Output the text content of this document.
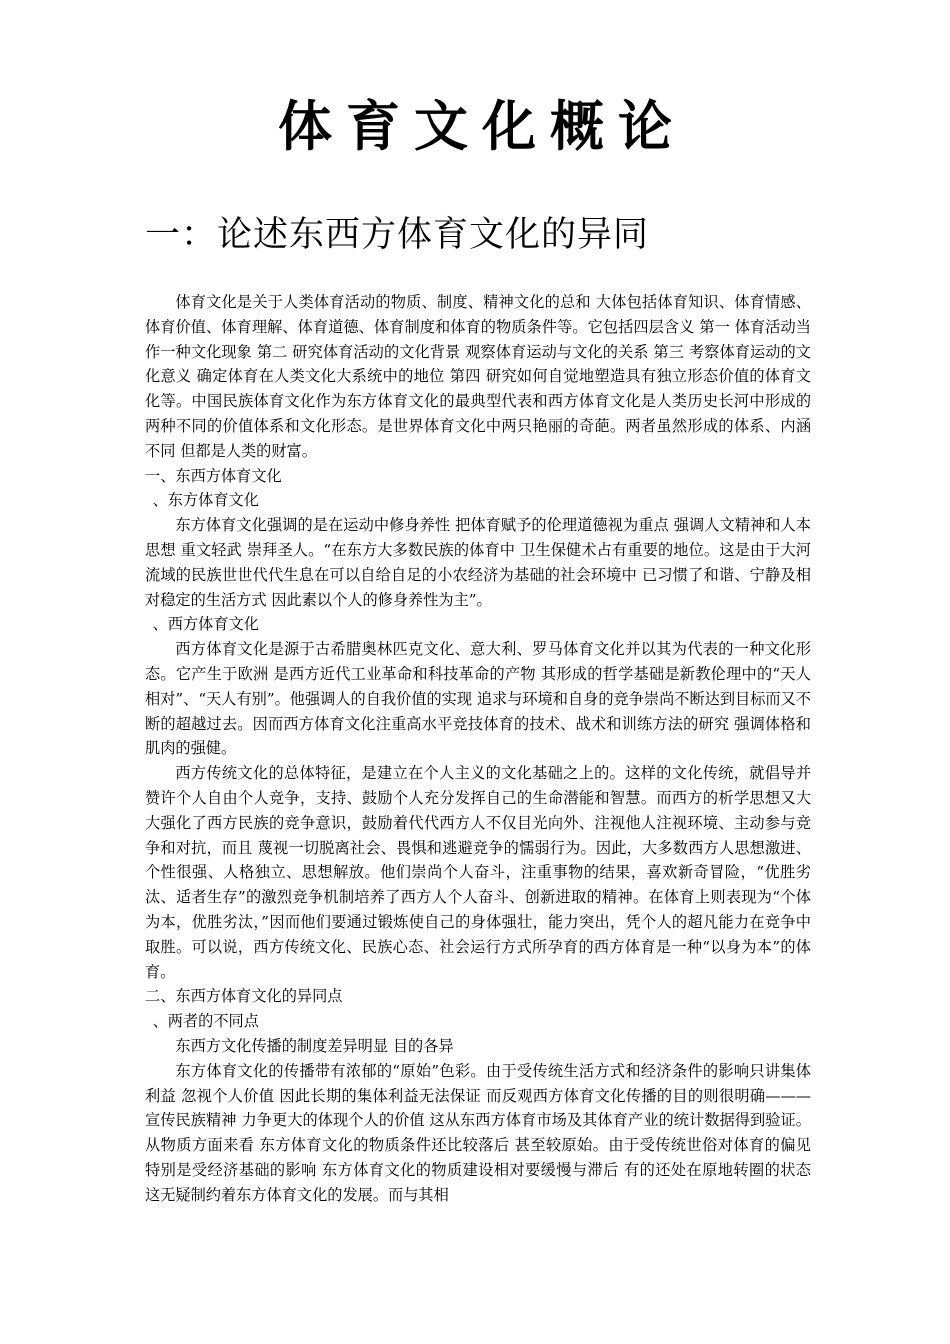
体育文化概论
一：论述东西方体育文化的异同

体育文化是关于人类体育活动的物质、制度、精神文化的总和 大体包括体育知识、体育情感、体育价值、体育理解、体育道德、体育制度和体育的物质条件等。它包括四层含义 第一 体育活动当作一种文化现象 第二 研究体育活动的文化背景 观察体育运动与文化的关系 第三 考察体育运动的文化意义 确定体育在人类文化大系统中的地位 第四 研究如何自觉地塑造具有独立形态价值的体育文化等。中国民族体育文化作为东方体育文化的最典型代表和西方体育文化是人类历史长河中形成的两种不同的价值体系和文化形态。是世界体育文化中两只艳丽的奇葩。两者虽然形成的体系、内涵不同 但都是人类的财富。

一、东西方体育文化

、东方体育文化

东方体育文化强调的是在运动中修身养性 把体育赋予的伦理道德视为重点 强调人文精神和人本思想 重文轻武 崇拜圣人。“在东方大多数民族的体育中 卫生保健术占有重要的地位。这是由于大河流域的民族世世代代生息在可以自给自足的小农经济为基础的社会环境中 已习惯了和谐、宁静及相对稳定的生活方式 因此素以个人的修身养性为主”。

、西方体育文化

西方体育文化是源于古希腊奥林匹克文化、意大利、罗马体育文化并以其为代表的一种文化形态。它产生于欧洲 是西方近代工业革命和科技革命的产物 其形成的哲学基础是新教伦理中的“天人相对”、“天人有别”。他强调人的自我价值的实现 追求与环境和自身的竞争崇尚不断达到目标而又不断的超越过去。因而西方体育文化注重高水平竞技体育的技术、战术和训练方法的研究 强调体格和肌肉的强健。

西方传统文化的总体特征，是建立在个人主义的文化基础之上的。这样的文化传统，就倡导并赞许个人自由个人竞争，支持、鼓励个人充分发挥自己的生命潜能和智慧。而西方的析学思想又大大强化了西方民族的竞争意识，鼓励着代代西方人不仅目光向外、注视他人注视环境、主动参与竞争和对抗，而且 蔑视一切脱离社会、畏惧和逃避竞争的懦弱行为。因此，大多数西方人思想激进、个性很强、人格独立、思想解放。他们崇尚个人奋斗，注重事物的结果，喜欢新奇冒险，“优胜劣汰、适者生存”的激烈竞争机制培养了西方人个人奋斗、创新进取的精神。在体育上则表现为“个体为本，优胜劣汰，”因而他们要通过锻炼使自己的身体强壮，能力突出，凭个人的超凡能力在竞争中取胜。可以说，西方传统文化、民族心态、社会运行方式所孕育的西方体育是一种“以身为本”的体育。

二、东西方体育文化的异同点

、两者的不同点

东西方文化传播的制度差异明显 目的各异

东方体育文化的传播带有浓郁的“原始”色彩。由于受传统生活方式和经济条件的影响只讲集体利益 忽视个人价值 因此长期的集体利益无法保证 而反观西方体育文化传播的目的则很明确———宣传民族精神 力争更大的体现个人的价值 这从东西方体育市场及其体育产业的统计数据得到验证。从物质方面来看 东方体育文化的物质条件还比较落后 甚至较原始。由于受传统世俗对体育的偏见 特别是受经济基础的影响 东方体育文化的物质建设相对要缓慢与滞后 有的还处在原地转圈的状态 这无疑制约着东方体育文化的发展。而与其相
